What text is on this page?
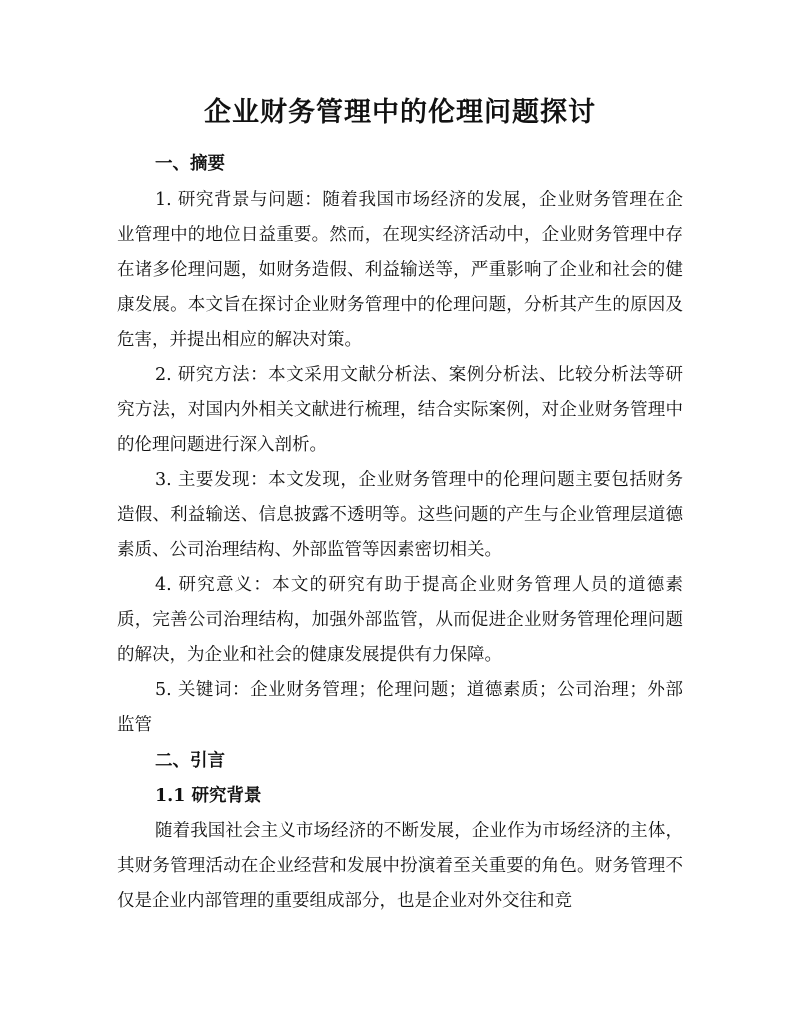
企业财务管理中的伦理问题探讨
一、摘要

1. 研究背景与问题：随着我国市场经济的发展，企业财务管理在企业管理中的地位日益重要。然而，在现实经济活动中，企业财务管理中存在诸多伦理问题，如财务造假、利益输送等，严重影响了企业和社会的健康发展。本文旨在探讨企业财务管理中的伦理问题，分析其产生的原因及危害，并提出相应的解决对策。

2. 研究方法：本文采用文献分析法、案例分析法、比较分析法等研究方法，对国内外相关文献进行梳理，结合实际案例，对企业财务管理中的伦理问题进行深入剖析。

3. 主要发现：本文发现，企业财务管理中的伦理问题主要包括财务造假、利益输送、信息披露不透明等。这些问题的产生与企业管理层道德素质、公司治理结构、外部监管等因素密切相关。

4. 研究意义：本文的研究有助于提高企业财务管理人员的道德素质，完善公司治理结构，加强外部监管，从而促进企业财务管理伦理问题的解决，为企业和社会的健康发展提供有力保障。

5. 关键词：企业财务管理；伦理问题；道德素质；公司治理；外部监管

二、引言
1.1 研究背景

随着我国社会主义市场经济的不断发展，企业作为市场经济的主体，其财务管理活动在企业经营和发展中扮演着至关重要的角色。财务管理不仅是企业内部管理的重要组成部分，也是企业对外交往和竞
